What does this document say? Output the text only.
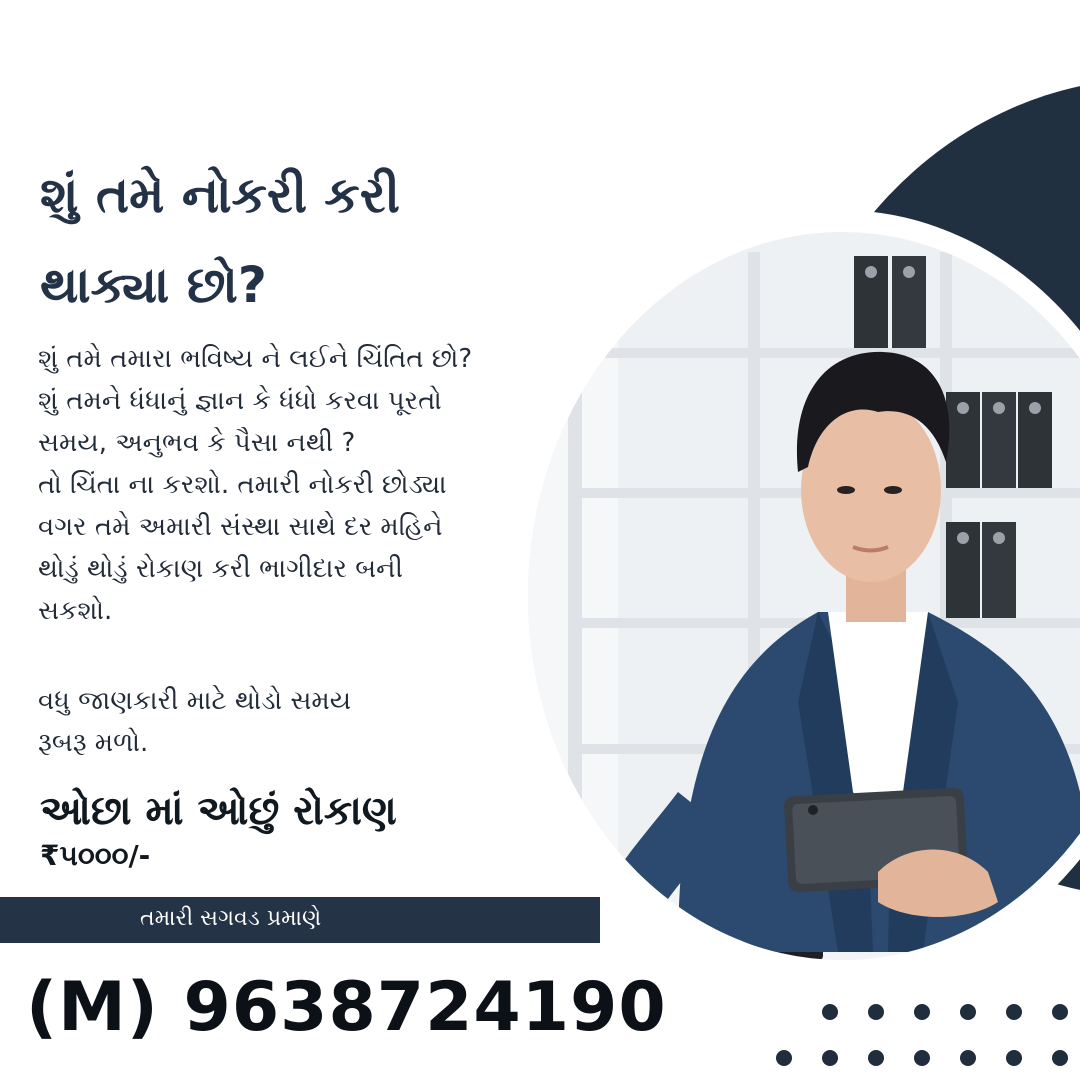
શું તમે નોકરી કરી
થાક્યા છો?

શું તમે તમારા ભવિષ્ય ને લઈને ચિંતિત છો?
શું તમને ધંધાનું જ્ઞાન કે ધંધો કરવા પૂરતો
સમય, અનુભવ કે પૈસા નથી ?
તો ચિંતા ના કરશો. તમારી નોકરી છોડ્યા
વગર તમે અમારી સંસ્થા સાથે દર મહિને
થોડું થોડું રોકાણ કરી ભાગીદાર બની
સકશો.

વધુ જાણકારી માટે થોડો સમય
રૂબરૂ મળો.

ઓછા માં ઓછું રોકાણ

₹૫૦૦૦/-

તમારી સગવડ પ્રમાણે

(M) 9638724190
